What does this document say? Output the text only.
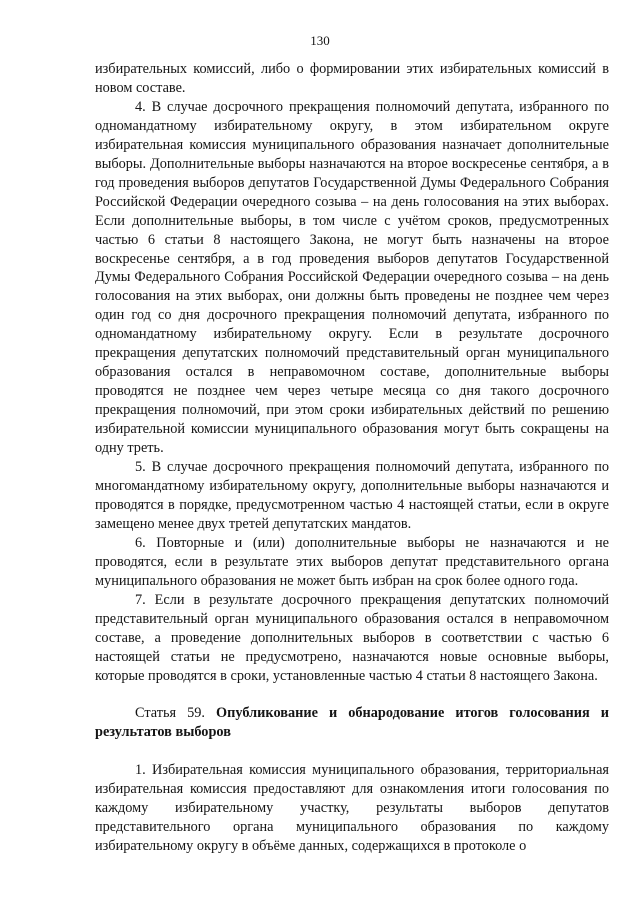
130

избирательных комиссий, либо о формировании этих избирательных комиссий в новом составе.

4. В случае досрочного прекращения полномочий депутата, избранного по одномандатному избирательному округу, в этом избирательном округе избирательная комиссия муниципального образования назначает дополнительные выборы. Дополнительные выборы назначаются на второе воскресенье сентября, а в год проведения выборов депутатов Государственной Думы Федерального Собрания Российской Федерации очередного созыва – на день голосования на этих выборах. Если дополнительные выборы, в том числе с учётом сроков, предусмотренных частью 6 статьи 8 настоящего Закона, не могут быть назначены на второе воскресенье сентября, а в год проведения выборов депутатов Государственной Думы Федерального Собрания Российской Федерации очередного созыва – на день голосования на этих выборах, они должны быть проведены не позднее чем через один год со дня досрочного прекращения полномочий депутата, избранного по одномандатному избирательному округу. Если в результате досрочного прекращения депутатских полномочий представительный орган муниципального образования остался в неправомочном составе, дополнительные выборы проводятся не позднее чем через четыре месяца со дня такого досрочного прекращения полномочий, при этом сроки избирательных действий по решению избирательной комиссии муниципального образования могут быть сокращены на одну треть.

5. В случае досрочного прекращения полномочий депутата, избранного по многомандатному избирательному округу, дополнительные выборы назначаются и проводятся в порядке, предусмотренном частью 4 настоящей статьи, если в округе замещено менее двух третей депутатских мандатов.

6. Повторные и (или) дополнительные выборы не назначаются и не проводятся, если в результате этих выборов депутат представительного органа муниципального образования не может быть избран на срок более одного года.

7. Если в результате досрочного прекращения депутатских полномочий представительный орган муниципального образования остался в неправомочном составе, а проведение дополнительных выборов в соответствии с частью 6 настоящей статьи не предусмотрено, назначаются новые основные выборы, которые проводятся в сроки, установленные частью 4 статьи 8 настоящего Закона.

Статья 59. Опубликование и обнародование итогов голосования и результатов выборов

1. Избирательная комиссия муниципального образования, территориальная избирательная комиссия предоставляют для ознакомления итоги голосования по каждому избирательному участку, результаты выборов депутатов представительного органа муниципального образования по каждому избирательному округу в объёме данных, содержащихся в протоколе о
